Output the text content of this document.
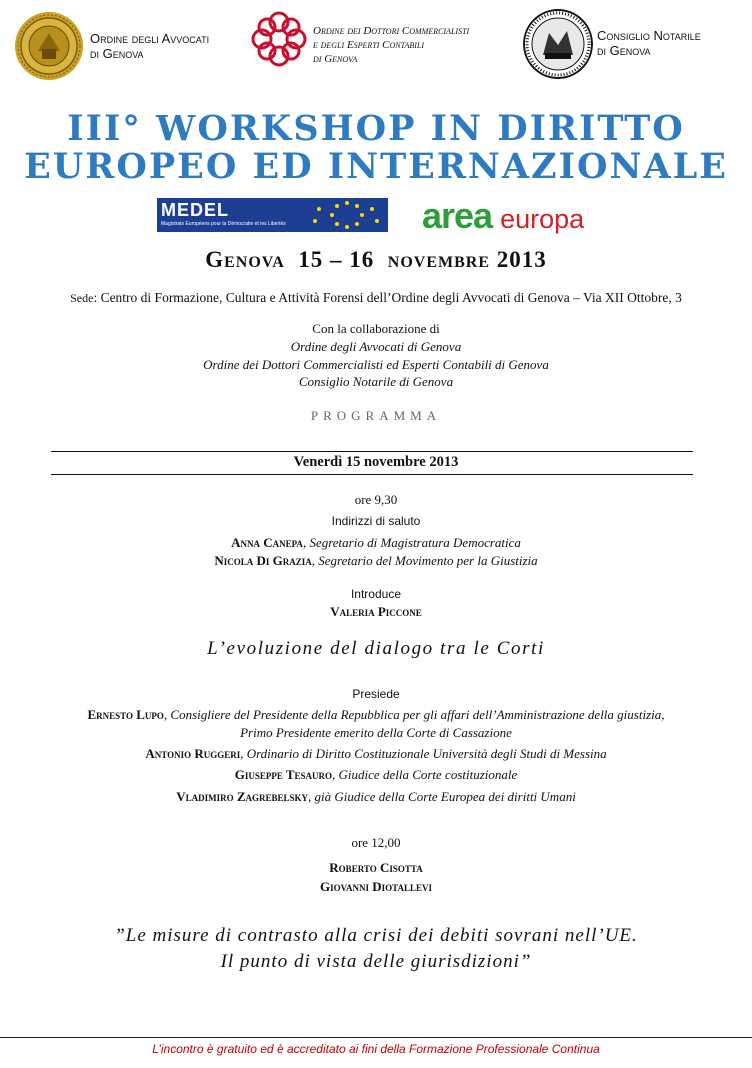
Ordine degli Avvocati
di Genova
Ordine dei Dottori Commercialisti
e degli Esperti Contabili
di Genova
Consiglio Notarile
di Genova
III° WORKSHOP IN DIRITTO
EUROPEO ED INTERNAZIONALE
MEDEL
Magistrats Européens pour la Démocratie et les Libertés	area europa
Genova  15 – 16  novembre 2013
Sede: Centro di Formazione, Cultura e Attività Forensi dell’Ordine degli Avvocati di Genova – Via XII Ottobre, 3
Con la collaborazione di
Ordine degli Avvocati di Genova
Ordine dei Dottori Commercialisti ed Esperti Contabili di Genova
Consiglio Notarile di Genova
PROGRAMMA
Venerdì 15 novembre 2013
ore 9,30
Indirizzi di saluto
Anna Canepa, Segretario di Magistratura Democratica
Nicola Di Grazia, Segretario del Movimento per la Giustizia
Introduce
Valeria Piccone
L’evoluzione del dialogo tra le Corti
Presiede
Ernesto Lupo, Consigliere del Presidente della Repubblica per gli affari dell’Amministrazione della giustizia,
Primo Presidente emerito della Corte di Cassazione
Antonio Ruggeri, Ordinario di Diritto Costituzionale Università degli Studi di Messina
Giuseppe Tesauro, Giudice della Corte costituzionale
Vladimiro Zagrebelsky, già Giudice della Corte Europea dei diritti Umani
ore 12,00
Roberto Cisotta
Giovanni Diotallevi
”Le misure di contrasto alla crisi dei debiti sovrani nell’UE.
Il punto di vista delle giurisdizioni”
L’incontro è gratuito ed è accreditato ai fini della Formazione Professionale Continua
